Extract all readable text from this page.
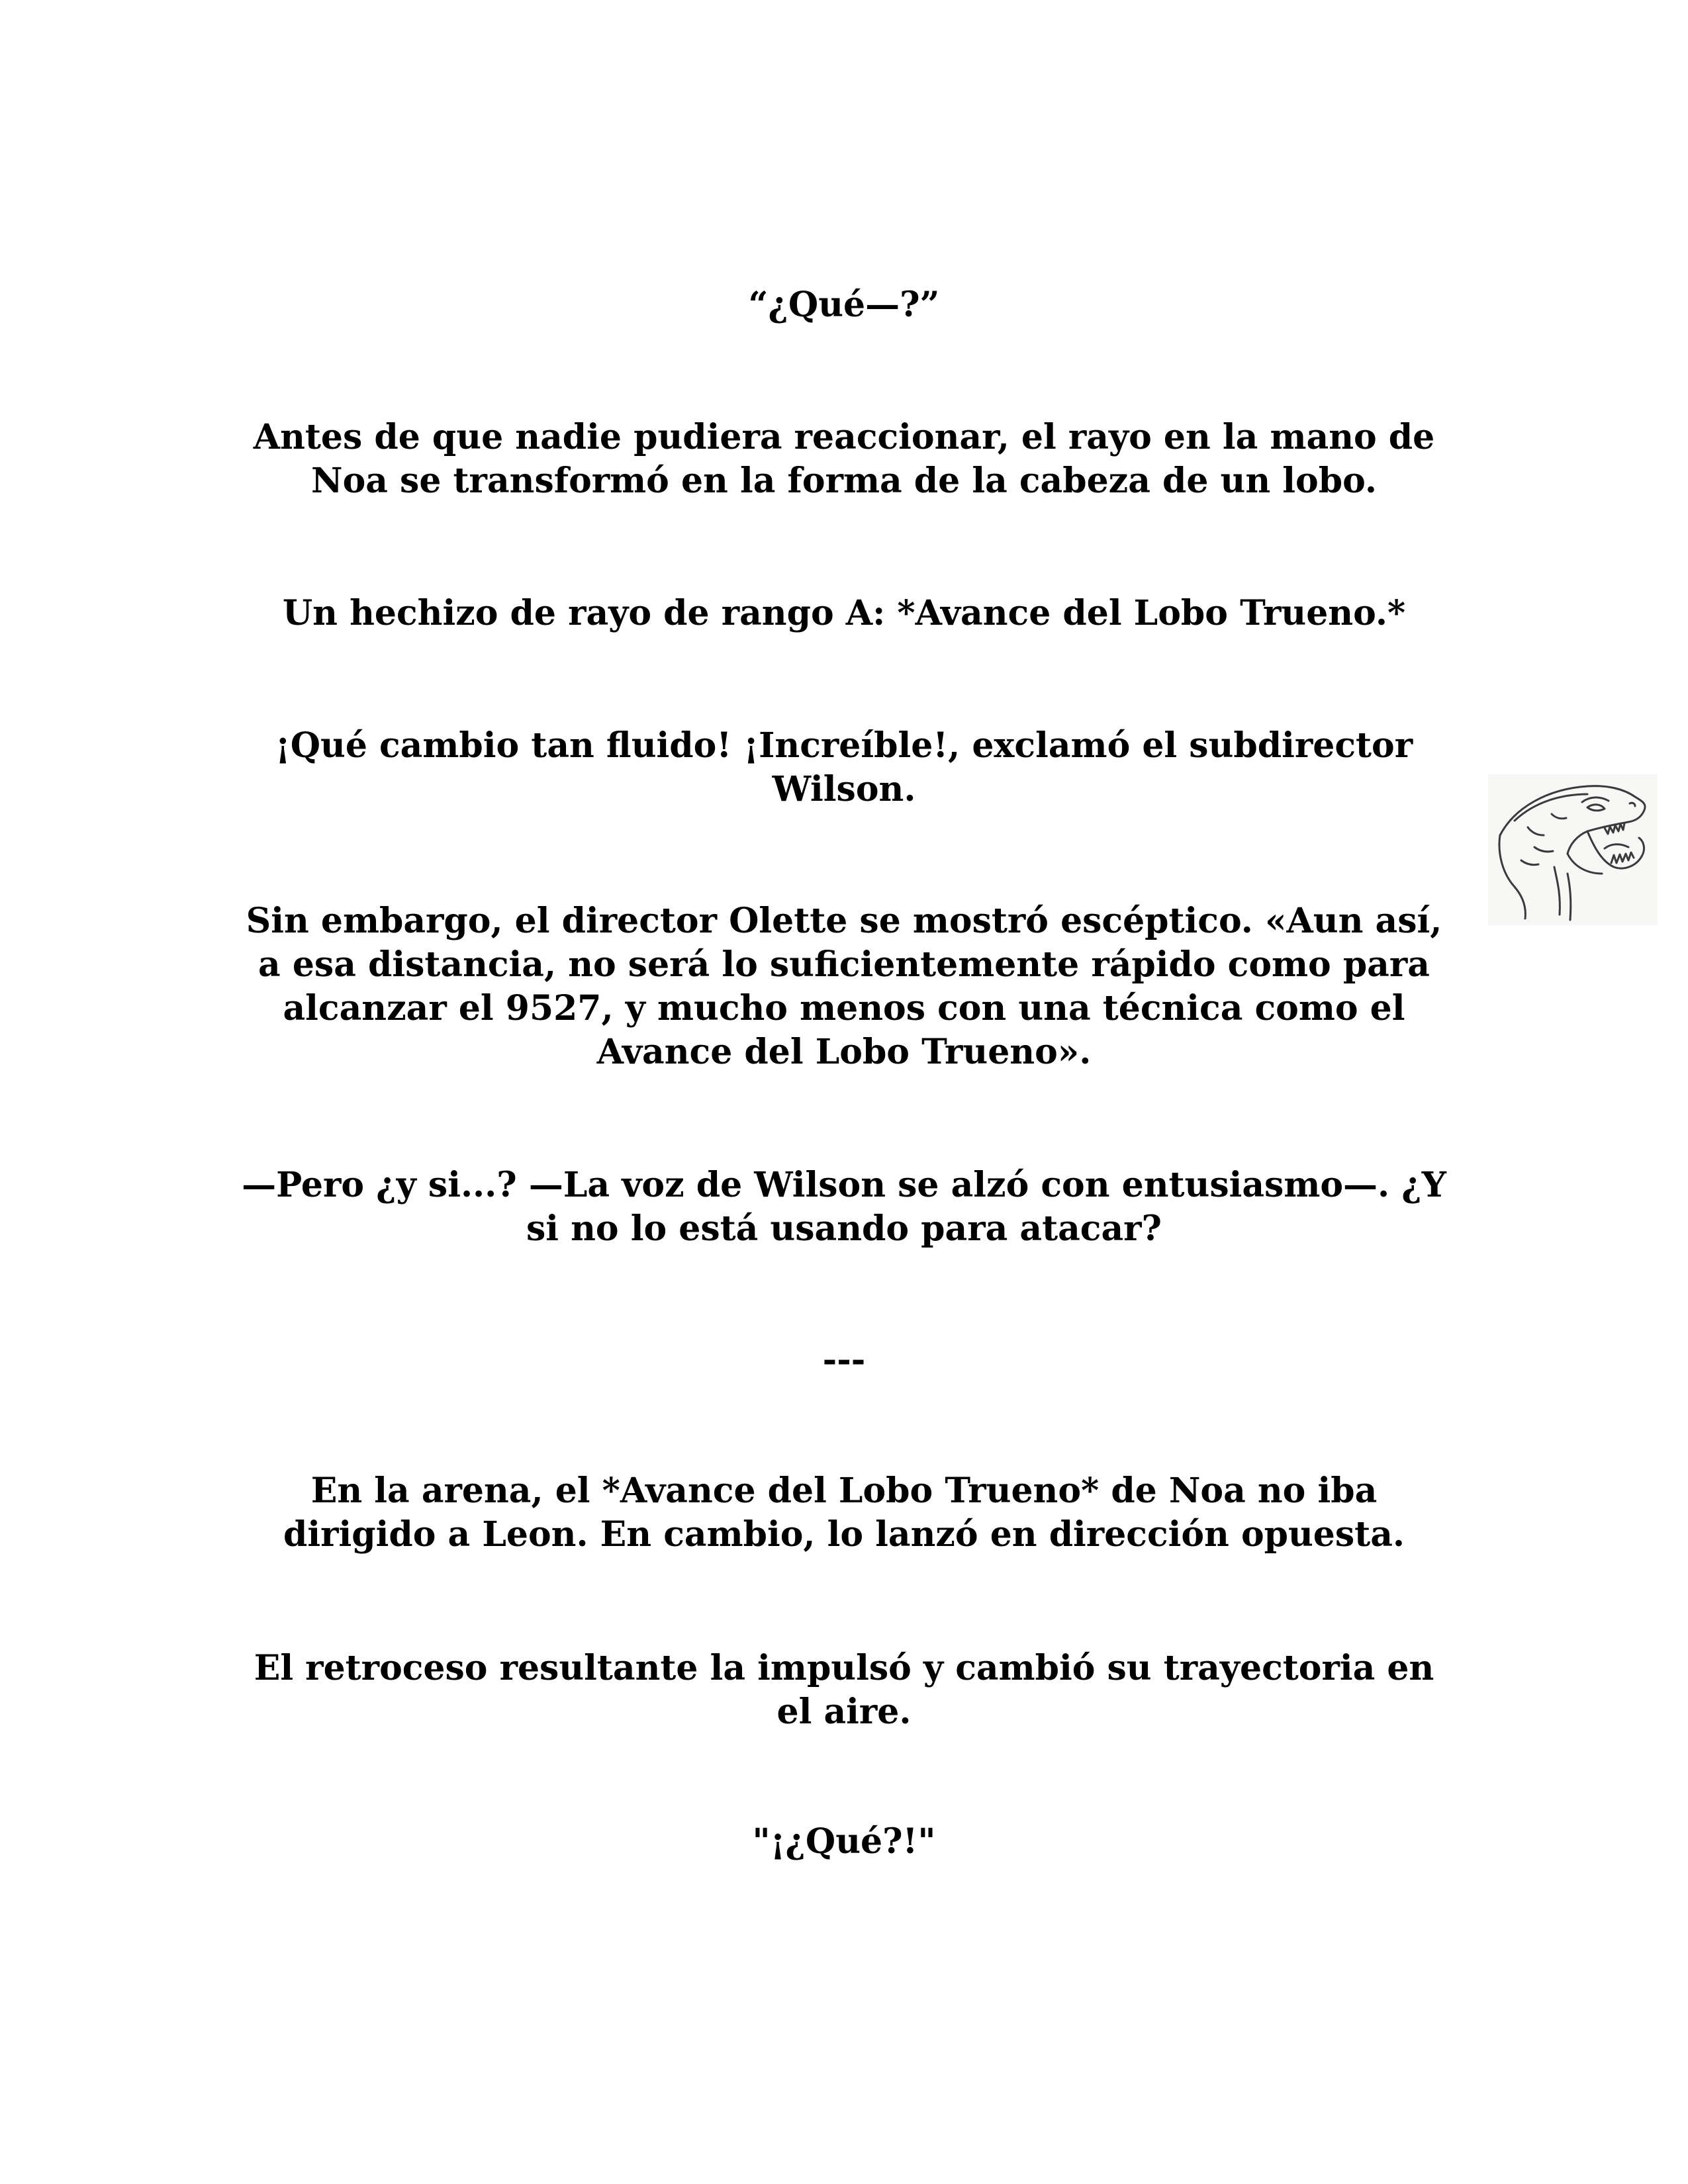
“¿Qué—?”

Antes de que nadie pudiera reaccionar, el rayo en la mano de Noa se transformó en la forma de la cabeza de un lobo.

Un hechizo de rayo de rango A: *Avance del Lobo Trueno.*

¡Qué cambio tan fluido! ¡Increíble!, exclamó el subdirector Wilson.

Sin embargo, el director Olette se mostró escéptico. «Aun así, a esa distancia, no será lo suficientemente rápido como para alcanzar el 9527, y mucho menos con una técnica como el Avance del Lobo Trueno».

—Pero ¿y si...? —La voz de Wilson se alzó con entusiasmo—. ¿Y si no lo está usando para atacar?

---

En la arena, el *Avance del Lobo Trueno* de Noa no iba dirigido a Leon. En cambio, lo lanzó en dirección opuesta.

El retroceso resultante la impulsó y cambió su trayectoria en el aire.

"¡¿Qué?!"
